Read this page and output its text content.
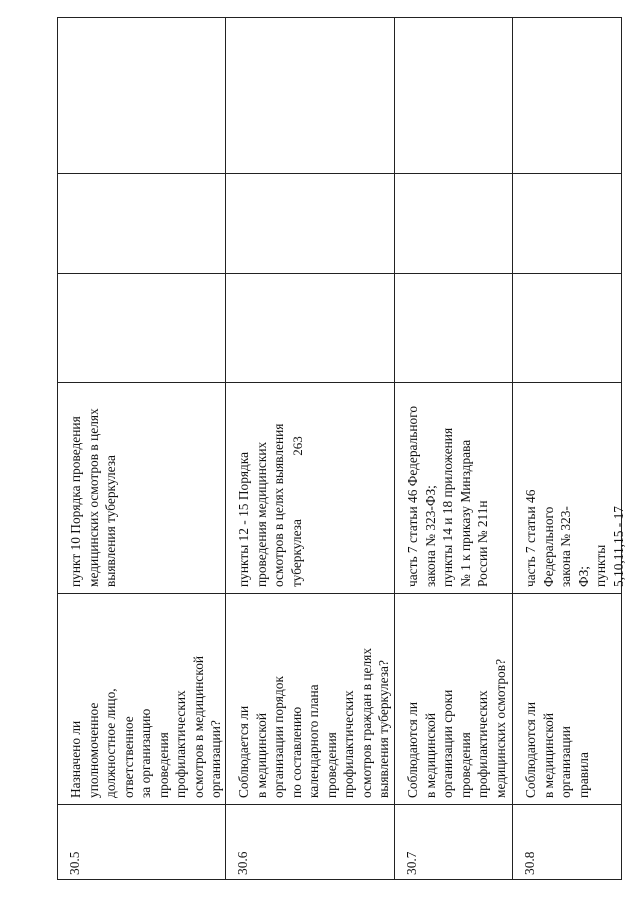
263
30.5
Назначено ли
уполномоченное
должностное лицо,
ответственное
за организацию
проведения
профилактических
осмотров в медицинской
организации?
пункт 10 Порядка проведения
медицинских осмотров в целях
выявления туберкулеза
30.6
Соблюдается ли
в медицинской
организации порядок
по составлению
календарного плана
проведения
профилактических
осмотров граждан в целях
выявления туберкулеза?
пункты 12 - 15 Порядка
проведения медицинских
осмотров в целях выявления
туберкулеза
30.7
Соблюдаются ли
в медицинской
организации сроки
проведения
профилактических
медицинских осмотров?
часть 7 статьи 46 Федерального
закона № 323-ФЗ;
пункты 14 и 18 приложения
№ 1 к приказу Минздрава
России № 211н
30.8
Соблюдаются ли
в медицинской
организации правила
часть 7 статьи 46 Федерального
закона № 323-ФЗ;
пункты 5,10,11,15 - 17
